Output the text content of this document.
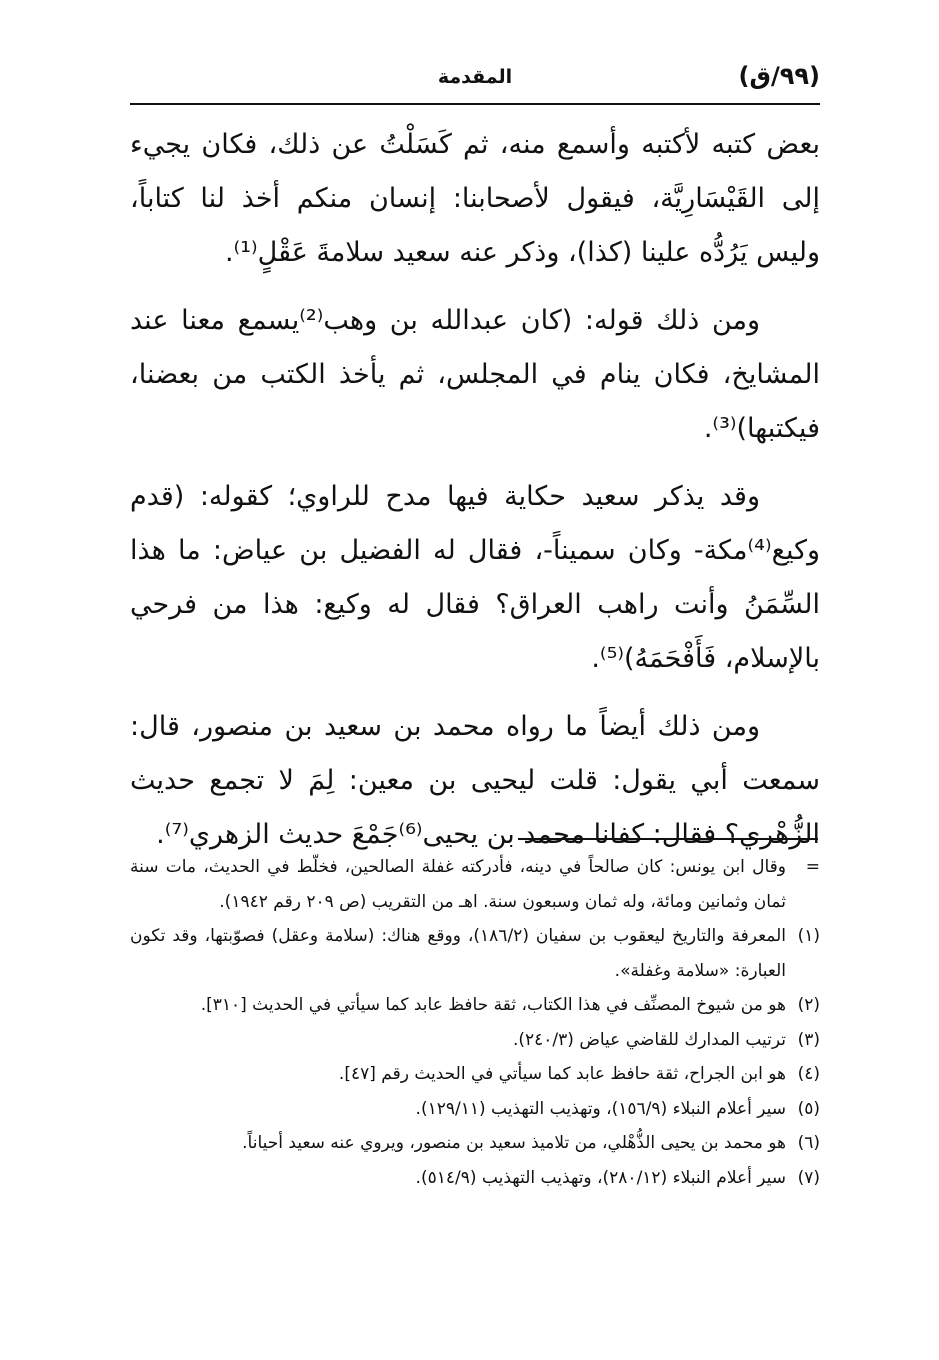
(٩٩/ق)
المقدمة

بعض كتبه لأكتبه وأسمع منه، ثم كَسَلْتُ عن ذلك، فكان يجيء إلى القَيْسَارِيَّة، فيقول لأصحابنا: إنسان منكم أخذ لنا كتاباً، وليس يَرُدُّه علينا (كذا)، وذكر عنه سعيد سلامةَ عَقْلٍ⁽¹⁾.

ومن ذلك قوله: (كان عبدالله بن وهب⁽²⁾يسمع معنا عند المشايخ، فكان ينام في المجلس، ثم يأخذ الكتب من بعضنا، فيكتبها)⁽³⁾.

وقد يذكر سعيد حكاية فيها مدح للراوي؛ كقوله: (قدم وكيع⁽⁴⁾مكة- وكان سميناً-، فقال له الفضيل بن عياض: ما هذا السِّمَنُ وأنت راهب العراق؟ فقال له وكيع: هذا من فرحي بالإسلام، فَأَفْحَمَهُ)⁽⁵⁾.

ومن ذلك أيضاً ما رواه محمد بن سعيد بن منصور، قال: سمعت أبي يقول: قلت ليحيى بن معين: لِمَ لا تجمع حديث الزُّهْري؟ فقال: كفانا محمد بن يحيى⁽⁶⁾جَمْعَ حديث الزهري⁽⁷⁾.

=
وقال ابن يونس: كان صالحاً في دينه، فأدركته غفلة الصالحين، فخلّط في الحديث، مات سنة ثمان وثمانين ومائة، وله ثمان وسبعون سنة. اهـ من التقريب (ص ٢٠٩ رقم ١٩٤٢).

(١)
المعرفة والتاريخ ليعقوب بن سفيان (١٨٦/٢)، ووقع هناك: (سلامة وعقل) فصوّبتها، وقد تكون العبارة: «سلامة وغفلة».

(٢)
هو من شيوخ المصنِّف في هذا الكتاب، ثقة حافظ عابد كما سيأتي في الحديث [٣١٠].

(٣)
ترتيب المدارك للقاضي عياض (٢٤٠/٣).

(٤)
هو ابن الجراح، ثقة حافظ عابد كما سيأتي في الحديث رقم [٤٧].

(٥)
سير أعلام النبلاء (١٥٦/٩)، وتهذيب التهذيب (١٢٩/١١).

(٦)
هو محمد بن يحيى الذُّهْلي، من تلاميذ سعيد بن منصور، ويروي عنه سعيد أحياناً.

(٧)
سير أعلام النبلاء (٢٨٠/١٢)، وتهذيب التهذيب (٥١٤/٩).
